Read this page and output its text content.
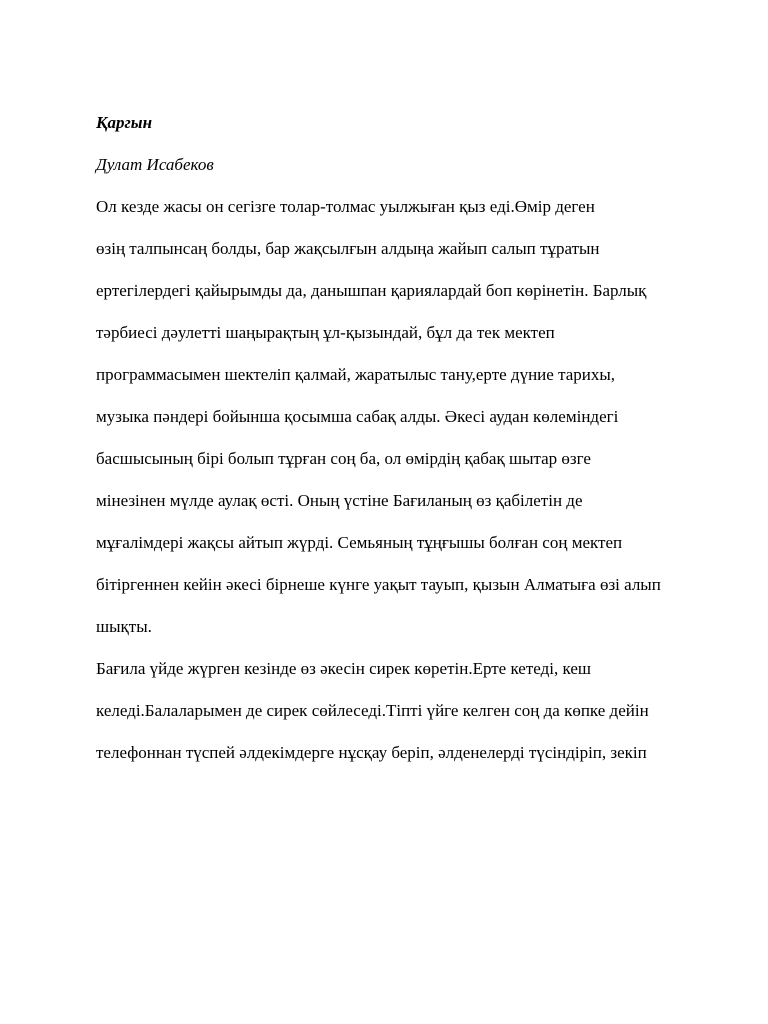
Қаргын

Дулат Исабеков

Ол кезде жасы он сегізге толар-толмас уылжыған қыз еді.Өмір деген

өзің талпынсаң болды, бар жақсылғын алдыңа жайып салып тұратын

ертегілердегі қайырымды да, данышпан қариялардай боп көрінетін. Барлық

тәрбиесі дәулетті шаңырақтың ұл-қызындай, бұл да тек мектеп

программасымен шектеліп қалмай, жаратылыс тану,ерте дүние тарихы,

музыка пәндері бойынша қосымша сабақ алды. Әкесі аудан көлеміндегі

басшысының бірі болып тұрған соң ба, ол өмірдің қабақ шытар өзге

мінезінен мүлде аулақ өсті. Оның үстіне Бағиланың өз қабілетін де

мұғалімдері жақсы айтып жүрді. Семьяның тұңғышы болған соң мектеп

бітіргеннен кейін әкесі бірнеше күнге уақыт тауып, қызын Алматыға өзі алып

шықты.

Бағила үйде жүрген кезінде өз әкесін сирек көретін.Ерте кетеді, кеш

келеді.Балаларымен де сирек сөйлеседі.Тіпті үйге келген соң да көпке дейін

телефоннан түспей әлдекімдерге нұсқау беріп, әлденелерді түсіндіріп, зекіп
